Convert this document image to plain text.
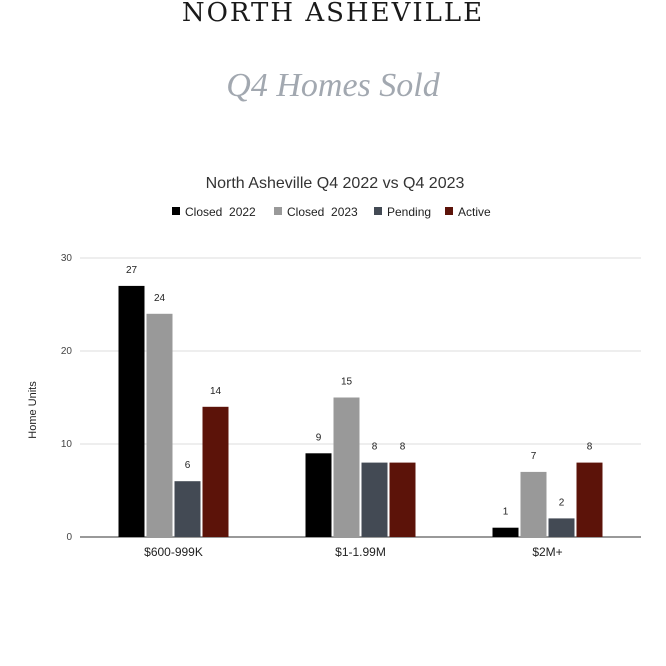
NORTH ASHEVILLE
Q4 Homes Sold
North Asheville Q4 2022 vs Q4 2023
Closed  2022	Closed  2023 Pending Active
0
10
20
30
27
24
6
14
9
15
8 8
1
7
2
8
$600-999K	$1-1.99M	$2M+
Home Units
